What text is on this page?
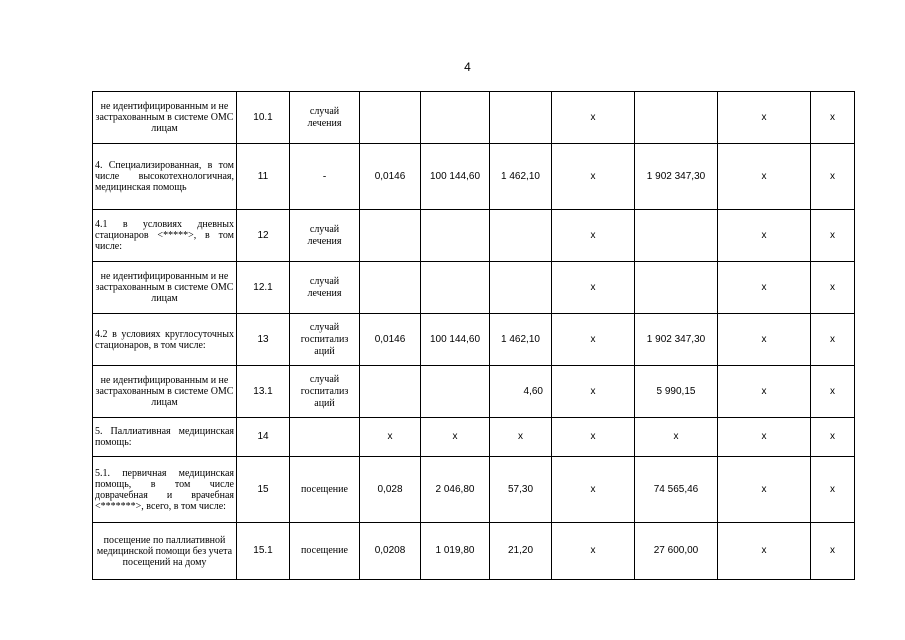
4
не идентифицированным и не застрахованным в системе ОМС лицам	10.1	случай лечения				x		x	x
4. Специализированная, в том числе высокотехнологичная, медицинская помощь	11	-	0,0146	100 144,60	1 462,10	x	1 902 347,30	x	x
4.1 в условиях дневных стационаров <*****>, в том числе:	12	случай лечения				x		x	x
не идентифицированным и не застрахованным в системе ОМС лицам	12.1	случай лечения				x		x	x
4.2 в условиях круглосуточных стационаров, в том числе:	13	случай госпитализ аций	0,0146	100 144,60	1 462,10	x	1 902 347,30	x	x
не идентифицированным и не застрахованным в системе ОМС лицам	13.1	случай госпитализ аций			4,60	x	5 990,15	x	x
5. Паллиативная медицинская помощь:	14		x	x	x	x	x	x	x
5.1. первичная медицинская помощь, в том числе доврачебная и врачебная <*******>, всего, в том числе:	15	посещение	0,028	2 046,80	57,30	x	74 565,46	x	x
посещение по паллиативной медицинской помощи без учета посещений на дому	15.1	посещение	0,0208	1 019,80	21,20	x	27 600,00	x	x
